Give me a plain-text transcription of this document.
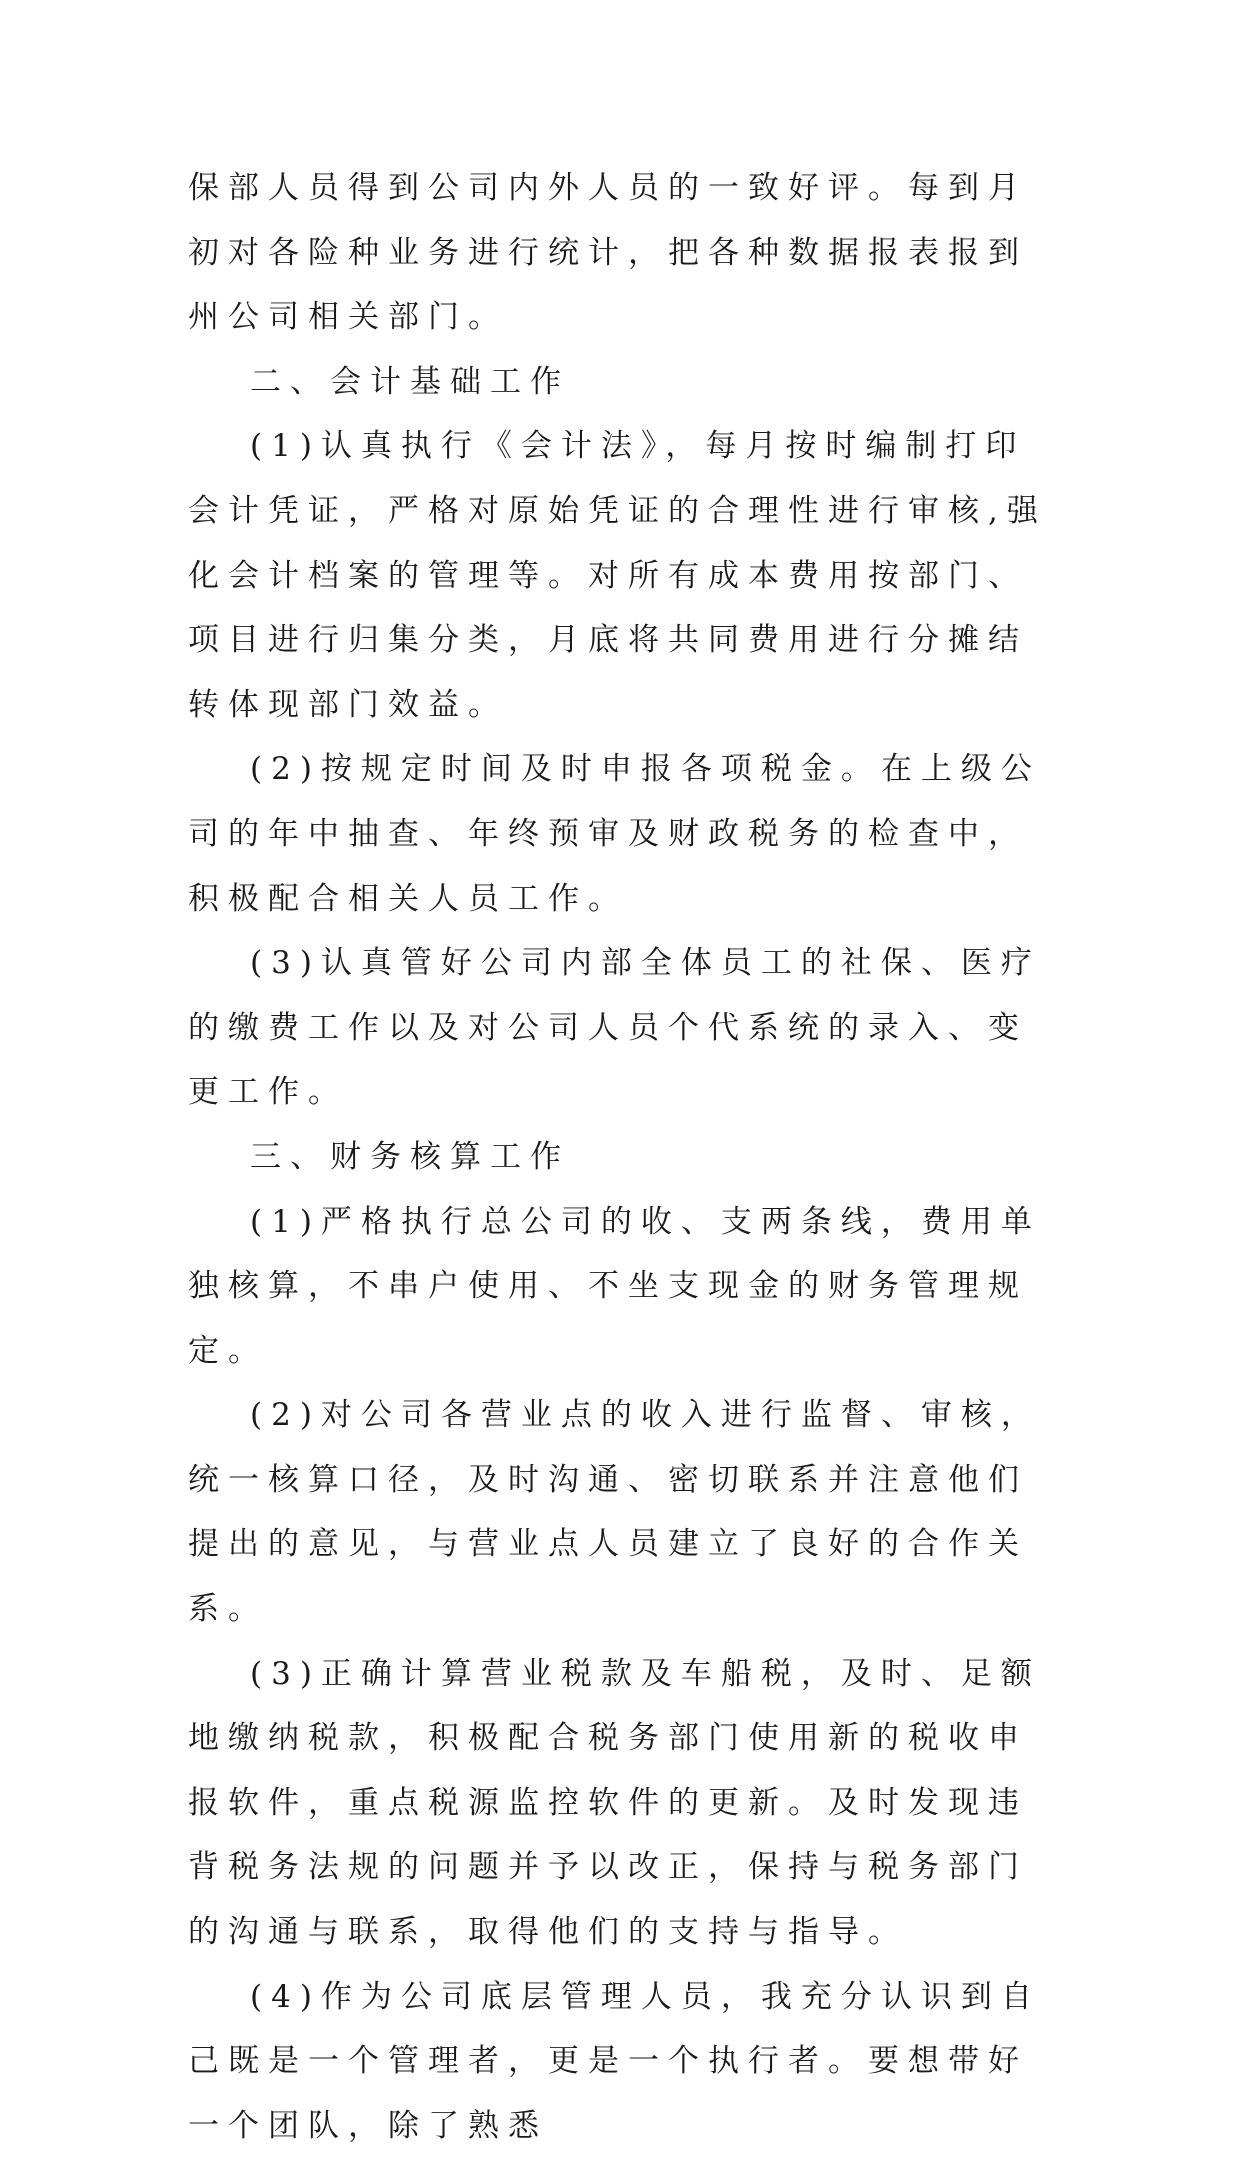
保部人员得到公司内外人员的一致好评。每到月初对各险种业务进行统计，把各种数据报表报到州公司相关部门。

二、会计基础工作

(1)认真执行《会计法》，每月按时编制打印会计凭证，严格对原始凭证的合理性进行审核,强化会计档案的管理等。对所有成本费用按部门、项目进行归集分类，月底将共同费用进行分摊结转体现部门效益。

(2)按规定时间及时申报各项税金。在上级公司的年中抽查、年终预审及财政税务的检查中，积极配合相关人员工作。

(3)认真管好公司内部全体员工的社保、医疗的缴费工作以及对公司人员个代系统的录入、变更工作。

三、财务核算工作

(1)严格执行总公司的收、支两条线，费用单独核算，不串户使用、不坐支现金的财务管理规定。

(2)对公司各营业点的收入进行监督、审核，统一核算口径，及时沟通、密切联系并注意他们提出的意见，与营业点人员建立了良好的合作关系。

(3)正确计算营业税款及车船税，及时、足额地缴纳税款，积极配合税务部门使用新的税收申报软件，重点税源监控软件的更新。及时发现违背税务法规的问题并予以改正，保持与税务部门的沟通与联系，取得他们的支持与指导。

(4)作为公司底层管理人员，我充分认识到自己既是一个管理者，更是一个执行者。要想带好一个团队，除了熟悉
